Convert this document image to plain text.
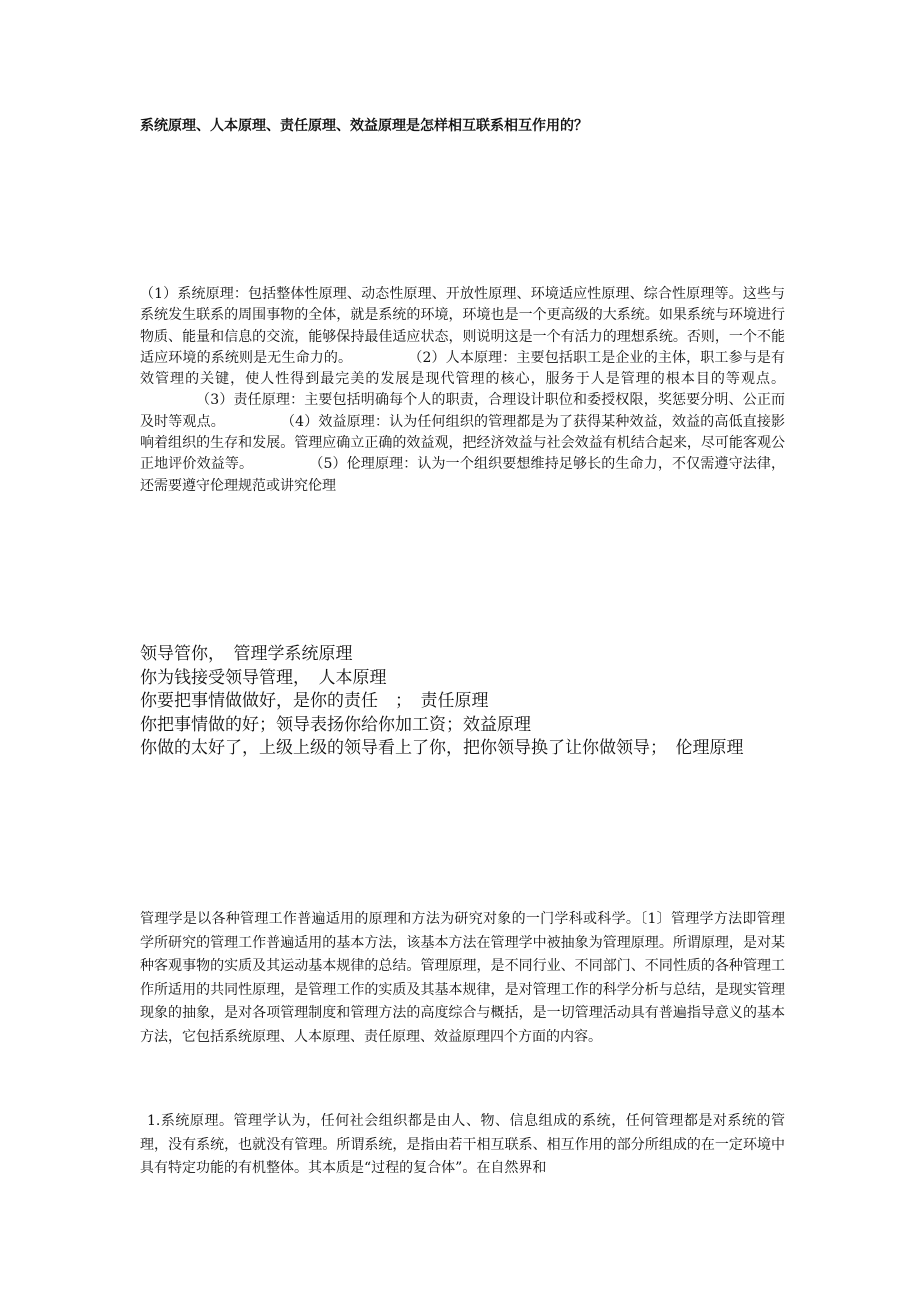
系统原理、人本原理、责任原理、效益原理是怎样相互联系相互作用的？
（1）系统原理：包括整体性原理、动态性原理、开放性原理、环境适应性原理、综合性原理等。这些与系统发生联系的周围事物的全体，就是系统的环境，环境也是一个更高级的大系统。如果系统与环境进行物质、能量和信息的交流，能够保持最佳适应状态，则说明这是一个有活力的理想系统。否则，一个不能适应环境的系统则是无生命力的。	（2）人本原理：主要包括职工是企业的主体，职工参与是有效管理的关键，使人性得到最完美的发展是现代管理的核心，服务于人是管理的根本目的等观点。（3）责任原理：主要包括明确每个人的职责，合理设计职位和委授权限，奖惩要分明、公正而及时等观点。	（4）效益原理：认为任何组织的管理都是为了获得某种效益，效益的高低直接影响着组织的生存和发展。管理应确立正确的效益观，把经济效益与社会效益有机结合起来，尽可能客观公正地评价效益等。	（5）伦理原理：认为一个组织要想维持足够长的生命力，不仅需遵守法律，还需要遵守伦理规范或讲究伦理
领导管你，　管理学系统原理
你为钱接受领导管理，　人本原理
你要把事情做做好，是你的责任　；　责任原理
你把事情做的好；领导表扬你给你加工资；效益原理
你做的太好了，上级上级的领导看上了你，把你领导换了让你做领导；　伦理原理
管理学是以各种管理工作普遍适用的原理和方法为研究对象的一门学科或科学。〔1〕管理学方法即管理学所研究的管理工作普遍适用的基本方法，该基本方法在管理学中被抽象为管理原理。所谓原理，是对某种客观事物的实质及其运动基本规律的总结。管理原理，是不同行业、不同部门、不同性质的各种管理工作所适用的共同性原理，是管理工作的实质及其基本规律，是对管理工作的科学分析与总结，是现实管理现象的抽象，是对各项管理制度和管理方法的高度综合与概括，是一切管理活动具有普遍指导意义的基本方法，它包括系统原理、人本原理、责任原理、效益原理四个方面的内容。
1.系统原理。管理学认为，任何社会组织都是由人、物、信息组成的系统，任何管理都是对系统的管理，没有系统，也就没有管理。所谓系统，是指由若干相互联系、相互作用的部分所组成的在一定环境中具有特定功能的有机整体。其本质是“过程的复合体”。在自然界和
